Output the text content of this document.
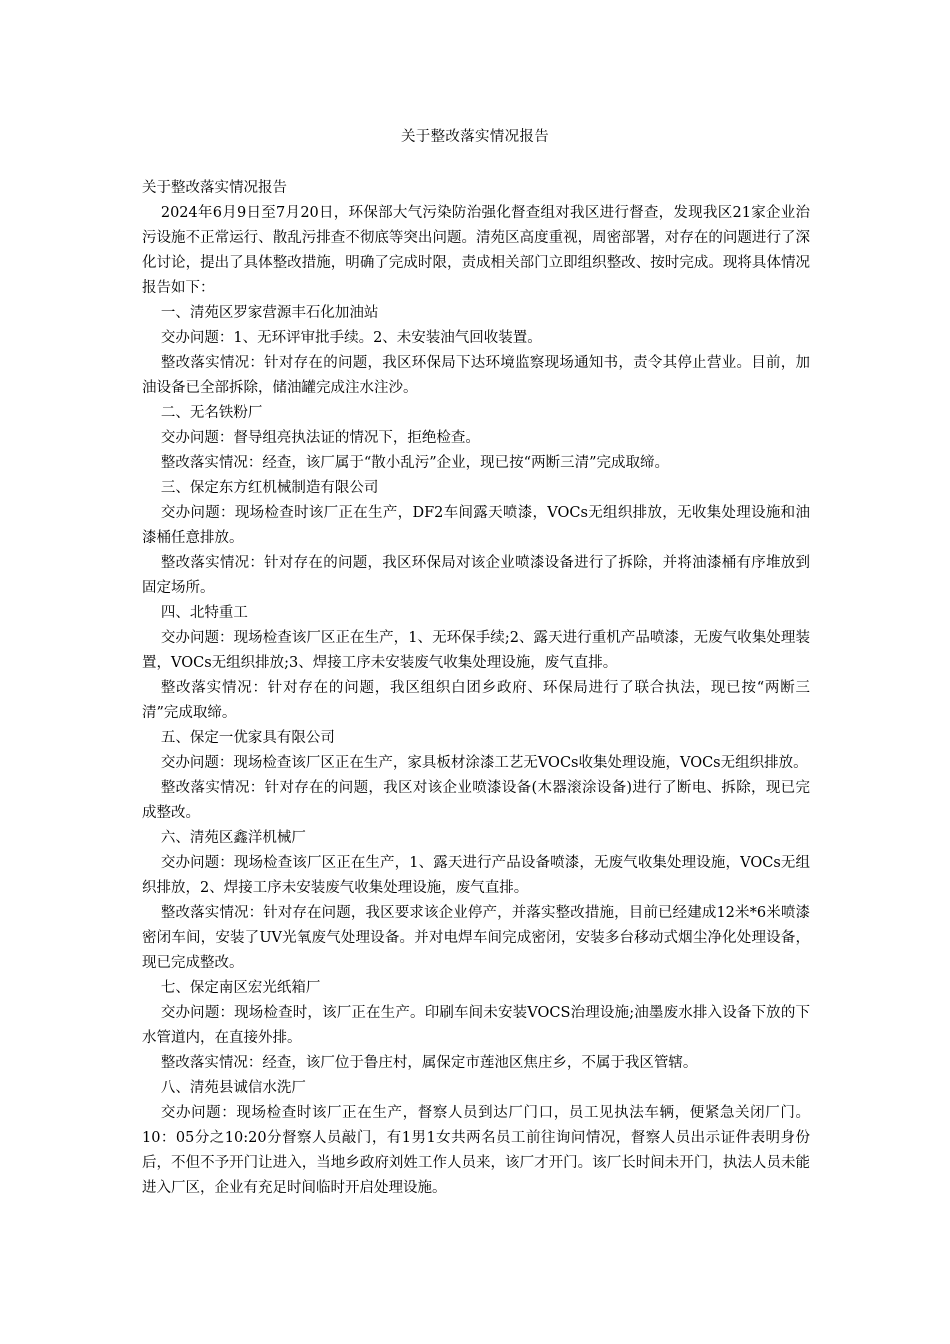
关于整改落实情况报告

关于整改落实情况报告

2024年6月9日至7月20日，环保部大气污染防治强化督查组对我区进行督查，发现我区21家企业治污设施不正常运行、散乱污排查不彻底等突出问题。清苑区高度重视，周密部署，对存在的问题进行了深化讨论，提出了具体整改措施，明确了完成时限，责成相关部门立即组织整改、按时完成。现将具体情况报告如下：

一、清苑区罗家营源丰石化加油站

交办问题：1、无环评审批手续。2、未安装油气回收装置。

整改落实情况：针对存在的问题，我区环保局下达环境监察现场通知书，责令其停止营业。目前，加油设备已全部拆除，储油罐完成注水注沙。

二、无名铁粉厂

交办问题：督导组亮执法证的情况下，拒绝检查。

整改落实情况：经查，该厂属于“散小乱污”企业，现已按“两断三清”完成取缔。

三、保定东方红机械制造有限公司

交办问题：现场检查时该厂正在生产，DF2车间露天喷漆，VOCs无组织排放，无收集处理设施和油漆桶任意排放。

整改落实情况：针对存在的问题，我区环保局对该企业喷漆设备进行了拆除，并将油漆桶有序堆放到固定场所。

四、北特重工

交办问题：现场检查该厂区正在生产，1、无环保手续;2、露天进行重机产品喷漆，无废气收集处理装置，VOCs无组织排放;3、焊接工序未安装废气收集处理设施，废气直排。

整改落实情况：针对存在的问题，我区组织白团乡政府、环保局进行了联合执法，现已按“两断三清”完成取缔。

五、保定一优家具有限公司

交办问题：现场检查该厂区正在生产，家具板材涂漆工艺无VOCs收集处理设施，VOCs无组织排放。

整改落实情况：针对存在的问题，我区对该企业喷漆设备(木器滚涂设备)进行了断电、拆除，现已完成整改。

六、清苑区鑫洋机械厂

交办问题：现场检查该厂区正在生产，1、露天进行产品设备喷漆，无废气收集处理设施，VOCs无组织排放，2、焊接工序未安装废气收集处理设施，废气直排。

整改落实情况：针对存在问题，我区要求该企业停产，并落实整改措施，目前已经建成12米*6米喷漆密闭车间，安装了UV光氧废气处理设备。并对电焊车间完成密闭，安装多台移动式烟尘净化处理设备，现已完成整改。

七、保定南区宏光纸箱厂

交办问题：现场检查时，该厂正在生产。印刷车间未安装VOCS治理设施;油墨废水排入设备下放的下水管道内，在直接外排。

整改落实情况：经查，该厂位于鲁庄村，属保定市莲池区焦庄乡，不属于我区管辖。

八、清苑县诚信水洗厂

交办问题：现场检查时该厂正在生产，督察人员到达厂门口，员工见执法车辆，便紧急关闭厂门。10：05分之10:20分督察人员敲门，有1男1女共两名员工前往询问情况，督察人员出示证件表明身份后，不但不予开门让进入，当地乡政府刘姓工作人员来，该厂才开门。该厂长时间未开门，执法人员未能进入厂区，企业有充足时间临时开启处理设施。
